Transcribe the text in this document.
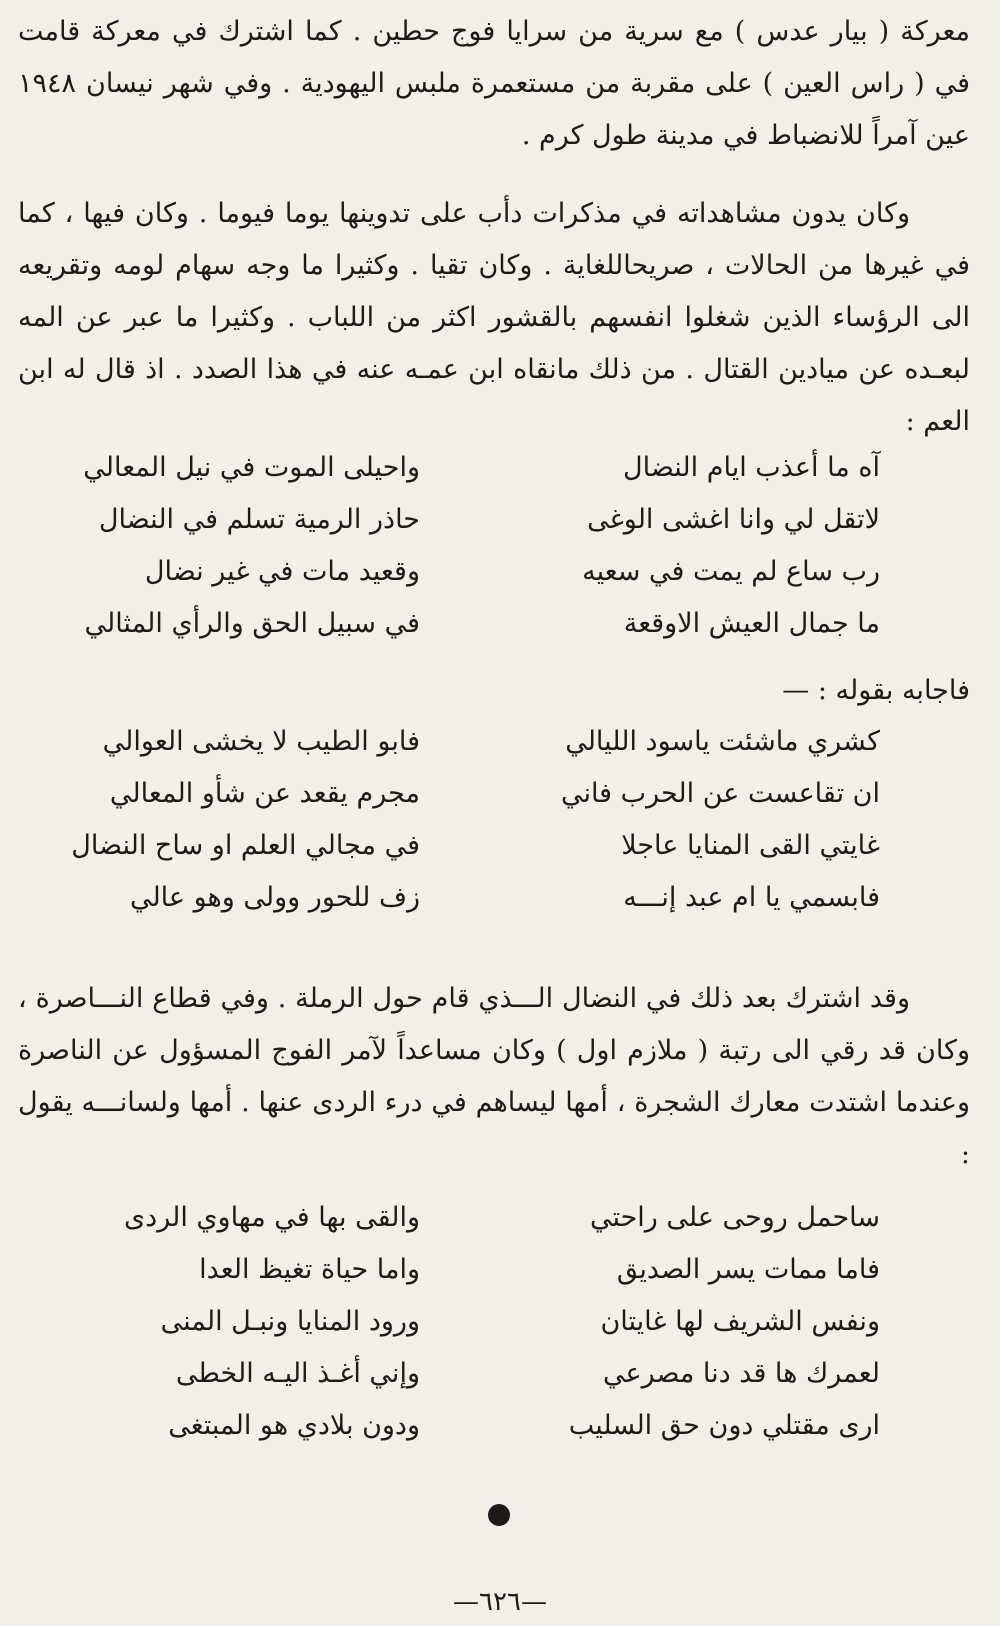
معركة ( بيار عدس ) مع سرية من سرايا فوج حطين . كما اشترك في معركة قامت في ( راس العين ) على مقربة من مستعمرة ملبس اليهودية . وفي شهر نيسان ١٩٤٨ عين آمراً للانضباط في مدينة طول كرم .

وكان يدون مشاهداته في مذكرات دأب على تدوينها يوما فيوما . وكان فيها ، كما في غيرها من الحالات ، صريحاللغاية . وكان تقيا . وكثيرا ما وجه سهام لومه وتقريعه الى الرؤساء الذين شغلوا انفسهم بالقشور اكثر من اللباب . وكثيرا ما عبر عن المه لبعـده عن ميادين القتال . من ذلك مانقاه ابن عمـه عنه في هذا الصدد . اذ قال له ابن العم :

آه ما أعذب ايام النضال
واحيلى الموت في نيل المعالي
لاتقل لي وانا اغشى الوغى
حاذر الرمية تسلم في النضال
رب ساع لم يمت في سعيه
وقعيد مات في غير نضال
ما جمال العيش الاوقعة
في سبيل الحق والرأي المثالي

فاجابه بقوله : —

كشري ماشئت ياسود الليالي
فابو الطيب لا يخشى العوالي
ان تقاعست عن الحرب فاني
مجرم يقعد عن شأو المعالي
غايتي القى المنايا عاجلا
في مجالي العلم او ساح النضال
فابسمي يا ام عبد إنـــه
زف للحور وولى وهو عالي

وقد اشترك بعد ذلك في النضال الـــذي قام حول الرملة . وفي قطاع النـــاصرة ، وكان قد رقي الى رتبة ( ملازم اول ) وكان مساعداً لآمر الفوج المسؤول عن الناصرة وعندما اشتدت معارك الشجرة ، أمها ليساهم في درء الردى عنها . أمها ولسانـــه يقول :

ساحمل روحى على راحتي
والقى بها في مهاوي الردى
فاما ممات يسر الصديق
واما حياة تغيظ العدا
ونفس الشريف لها غايتان
ورود المنايا ونبـل المنى
لعمرك ها قد دنا مصرعي
وإني أغـذ اليـه الخطى
ارى مقتلي دون حق السليب
ودون بلادي هو المبتغى
—٦٢٦—
